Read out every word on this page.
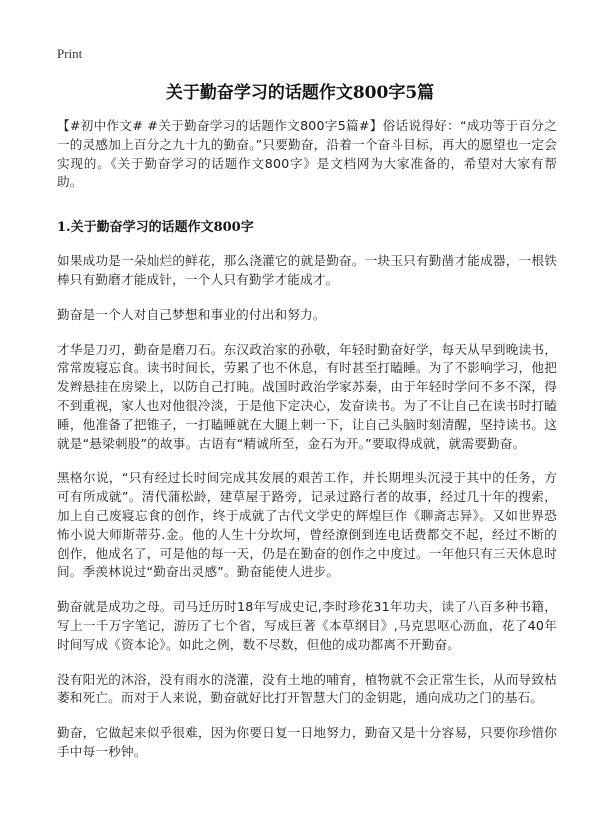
Print
关于勤奋学习的话题作文800字5篇

【#初中作文# #关于勤奋学习的话题作文800字5篇#】俗话说得好：“成功等于百分之一的灵感加上百分之九十九的勤奋。”只要勤奋，沿着一个奋斗目标，再大的愿望也一定会实现的。《关于勤奋学习的话题作文800字》是文档网为大家准备的，希望对大家有帮助。

1.关于勤奋学习的话题作文800字

如果成功是一朵灿烂的鲜花，那么浇灌它的就是勤奋。一块玉只有勤凿才能成器，一根铁棒只有勤磨才能成针，一个人只有勤学才能成才。

勤奋是一个人对自己梦想和事业的付出和努力。

才华是刀刃，勤奋是磨刀石。东汉政治家的孙敬，年轻时勤奋好学，每天从早到晚读书，常常废寝忘食。读书时间长，劳累了也不休息，有时甚至打瞌睡。为了不影响学习，他把发辫悬挂在房梁上，以防自己打盹。战国时政治学家苏秦，由于年轻时学问不多不深，得不到重视，家人也对他很冷淡，于是他下定决心，发奋读书。为了不让自己在读书时打瞌睡，他准备了把锥子，一打瞌睡就在大腿上刺一下，让自己头脑时刻清醒，坚持读书。这就是“悬梁刺股”的故事。古语有“精诚所至，金石为开。”要取得成就，就需要勤奋。

黑格尔说，“只有经过长时间完成其发展的艰苦工作，并长期埋头沉浸于其中的任务，方可有所成就”。清代蒲松龄，建草屋于路旁，记录过路行者的故事，经过几十年的搜索，加上自己废寝忘食的创作，终于成就了古代文学史的辉煌巨作《聊斋志异》。又如世界恐怖小说大师斯蒂芬.金。他的人生十分坎坷，曾经潦倒到连电话费都交不起，经过不断的创作，他成名了，可是他的每一天，仍是在勤奋的创作之中度过。一年他只有三天休息时间。季羡林说过“勤奋出灵感”。勤奋能使人进步。

勤奋就是成功之母。司马迁历时18年写成史记,李时珍花31年功夫，读了八百多种书籍，写上一千万字笔记，游历了七个省，写成巨著《本草纲目》,马克思呕心沥血，花了40年时间写成《资本论》。如此之例，数不尽数，但他的成功都离不开勤奋。

没有阳光的沐浴，没有雨水的浇灌，没有土地的哺育，植物就不会正常生长，从而导致枯萎和死亡。而对于人来说，勤奋就好比打开智慧大门的金钥匙，通向成功之门的基石。

勤奋，它做起来似乎很难，因为你要日复一日地努力，勤奋又是十分容易，只要你珍惜你手中每一秒钟。
